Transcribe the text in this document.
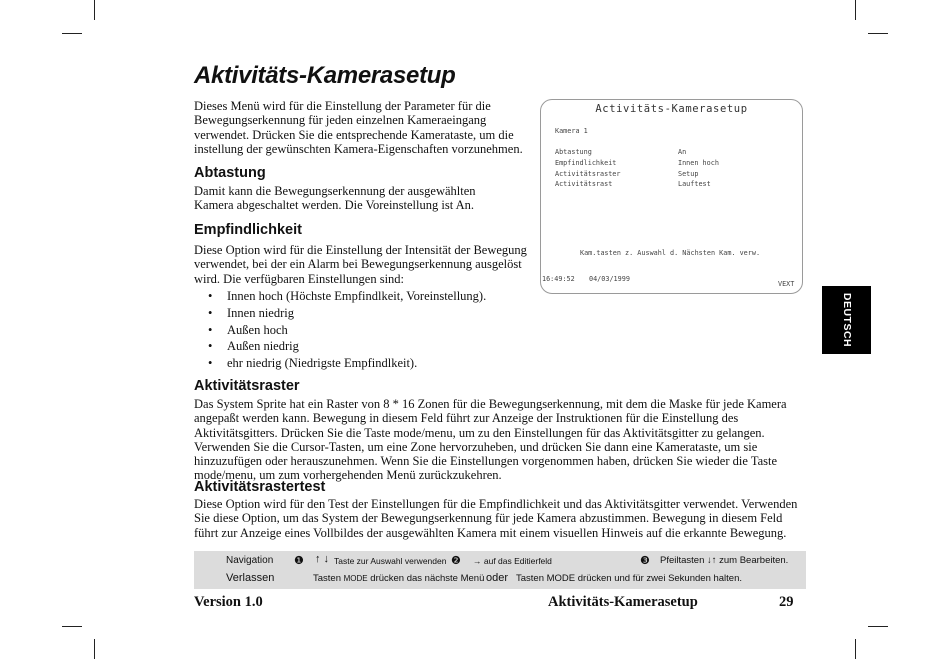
Aktivitäts-Kamerasetup

Dieses Menü wird für die Einstellung der Parameter für die Bewegungserkennung für jeden einzelnen Kameraeingang verwendet. Drücken Sie die entsprechende Kamerataste, um die instellung der gewünschten Kamera-Eigenschaften vorzunehmen.

Abtastung

Damit kann die Bewegungserkennung der ausgewählten Kamera abgeschaltet werden. Die Voreinstellung ist An.

Empfindlichkeit

Diese Option wird für die Einstellung der Intensität der Bewegung verwendet, bei der ein Alarm bei Bewegungserkennung ausgelöst wird. Die verfügbaren Einstellungen sind:

• Innen hoch (Höchste Empfindlkeit, Voreinstellung).
• Innen niedrig
• Außen hoch
• Außen niedrig
• ehr niedrig (Niedrigste Empfindlkeit).
Aktivitätsraster

Das System Sprite hat ein Raster von 8 * 16 Zonen für die Bewegungserkennung, mit dem die Maske für jede Kamera angepaßt werden kann. Bewegung in diesem Feld führt zur Anzeige der Instruktionen für die Einstellung des Aktivitätsgitters. Drücken Sie die Taste mode/menu, um zu den Einstellungen für das Aktivitätsgitter zu gelangen. Verwenden Sie die Cursor-Tasten, um eine Zone hervorzuheben, und drücken Sie dann eine Kamerataste, um sie hinzuzufügen oder herauszunehmen. Wenn Sie die Einstellungen vorgenommen haben, drücken Sie wieder die Taste mode/menu, um zum vorhergehenden Menü zurückzukehren.

Aktivitätsrastertest

Diese Option wird für den Test der Einstellungen für die Empfindlichkeit und das Aktivitätsgitter verwendet. Verwenden Sie diese Option, um das System der Bewegungserkennung für jede Kamera abzustimmen. Bewegung in diesem Feld führt zur Anzeige eines Vollbildes der ausgewählten Kamera mit einem visuellen Hinweis auf die erkannte Bewegung.

Activitäts-Kamerasetup
Kamera 1
Abtastung	An
Empfindlichkeit	Innen hoch
Activitätsraster	Setup
Activitätsrast	Lauftest
Kam.tasten z. Auswahl d. Nächsten Kam. verw.
16:49:52 04/03/1999
VEXT
DEUTSCH
Navigation ❶ ↑ ↓ Taste zur Auswahl verwenden ❷ → auf das Editierfeld	❸ Pfeiltasten ↓↑ zum Bearbeiten.
Verlassen	Tasten MODE drücken das nächste Menü oder Tasten MODE drücken und für zwei Sekunden halten.
Version 1.0	Aktivitäts-Kamerasetup	29
